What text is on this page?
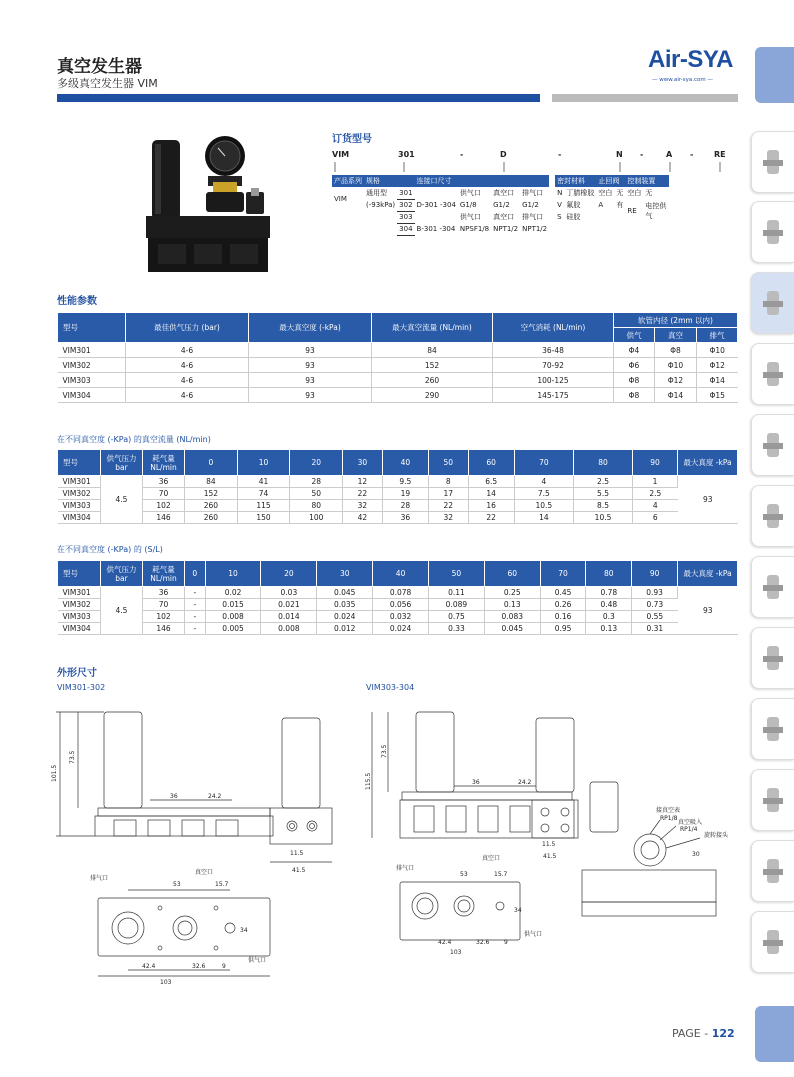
真空发生器
多级真空发生器 VIM
Air-SYA
— www.air-sya.com —
订货型号
VIM	301	-	D	-	N -	A -	RE
产品系列	规格		连接口尺寸					密封材料		止回阀		控制装置	
VIM	通用型	301		供气口	真空口	排气口		N	丁腈橡胶	空白	无	空白	无
	(-93kPa)	302	D-301 -304	G1/8	G1/2	G1/2		V	氟胶	A	有	RE	电控供气
		303		供气口	真空口	排气口		S	硅胶				
		304	B-301 -304	NPSF1/8	NPT1/2	NPT1/2							
性能参数
型号	最佳供气压力 (bar)	最大真空度 (-kPa)	最大真空流量 (NL/min)	空气消耗 (NL/min)	软管内径 (2mm 以内)		
					供气	真空	排气
VIM301	4-6	93	84	36-48	Φ4	Φ8	Φ10
VIM302	4-6	93	152	70-92	Φ6	Φ10	Φ12
VIM303	4-6	93	260	100-125	Φ8	Φ12	Φ14
VIM304	4-6	93	290	145-175	Φ8	Φ14	Φ15
在不同真空度 (-KPa) 的真空流量 (NL/min)
型号	供气压力
bar	耗气量
NL/min	0	10	20	30	40	50	60	70	80	90	最大真度 -kPa
VIM301	4.5	36	84	41	28	12	9.5	8	6.5	4	2.5	1	93
VIM302		70	152	74	50	22	19	17	14	7.5	5.5	2.5	
VIM303		102	260	115	80	32	28	22	16	10.5	8.5	4	
VIM304		146	260	150	100	42	36	32	22	14	10.5	6	
在不同真空度 (-KPa) 的 (S/L)
型号	供气压力
bar	耗气量
NL/min	0	10	20	30	40	50	60	70	80	90	最大真度 -kPa
VIM301	4.5	36	-	0.02	0.03	0.045	0.078	0.11	0.25	0.45	0.78	0.93	93
VIM302		70	-	0.015	0.021	0.035	0.056	0.089	0.13	0.26	0.48	0.73	
VIM303		102	-	0.008	0.014	0.024	0.032	0.75	0.083	0.16	0.3	0.55	
VIM304		146	-	0.005	0.008	0.012	0.024	0.33	0.045	0.95	0.13	0.31	
外形尺寸
VIM301-302	VIM303-304
101.5
73.5
36	24.2
11.5
41.5
排气口
真空口
供气口
53	15.7
34
42.4	32.6	9
103
115.5
73.5
36	24.2
11.5
41.5
排气口
真空口
供气口
53	15.7
34
42.4	32.6 9
103
接真空表
RP1/8
真空吸入
RP1/4
旋转接头
30
PAGE - 122
